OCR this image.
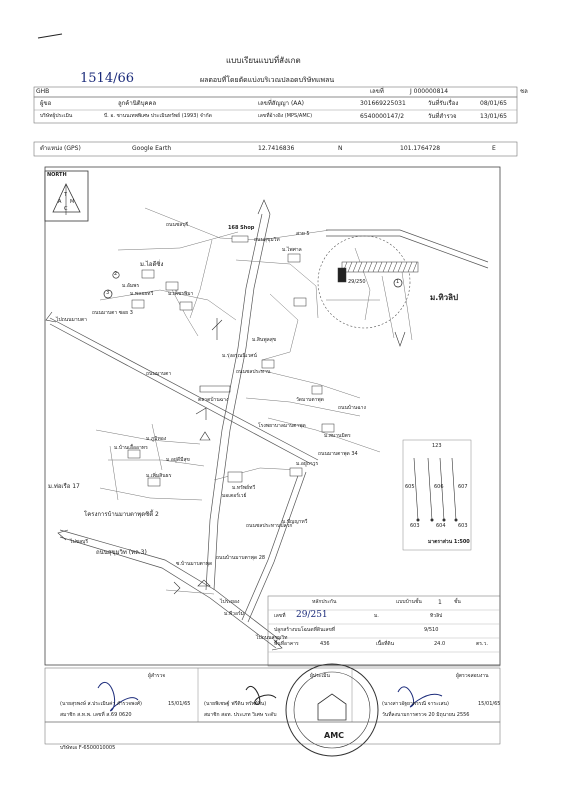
1514/66
แบบเรียนแบบที่สังเกต
ผลตอบที่โดยตัดแบ่งบริเวณปลอดบริษัทแพลน
ชล
GHB	เลขที่	J 000000814
ผู้ขอ	ลูกค้านิติบุคคล	เลขที่สัญญา (AA)	301669225031	วันที่รับเรื่อง	08/01/65
บริษัทผู้ประเมิน	บี. อ. ชานนเทพพิเศษ ประเมินทรัพย์ (1993) จำกัด	เลขที่อ้างอิง (MPS/AMC)	6540000147/2	วันที่สำรวจ	13/01/65
ตำแหน่ง (GPS)	Google Earth	12.7416836	N	101.1764728	E
NORTH
T
A M
C
ถนนชลบุรี	168 Shop
ถนนสุขุมวิท
สาย 5
ม.ไพศาล
ม.ไอดีซิ่ง
ม.อัมพร
ม.พลอยทวี	ม.เพ็ชรพิมา
ถนนมาบตา ซอย 3
ไปถนนมาบตา
ม.สินพูลสุข
ม.รุ่งอรุณนิเวศน์
ถนนมาบตา	ถนนชลประทาน
ตลาดบ้านฉาง	วัดมาบตาพุด
ถนนบ้านฉาง
โรงพยาบาลมาบตาพุด
ม.สมานมิตร
ม.ภูมิทอง
ม.บ้านเอื้ออาทร
ถนนมาบตาพุด 34
ม.อยู่ดีมีสุข
ม.อยู่ถาวร
ม.เพิ่มสินธร
ม.ทรัพย์ทวี
มอเตอร์เวย์
ม.ท่อเรือ 17
โครงการบ้านมาบตาพุดซิตี้ 2
ม.ปัญญาทวี
ไปชลบุรี
ถนนสุขุมวิท (ทล.3)
ซ.บ้านมาบตาพุด
ถนนบ้านมาบตาพุด 28
ถนนชลประทานปลวก
ไประยอง
ไปถนนสุขุมวิท
ม.พีวอร์ม
ม.ทิวลิป
29/250	1
2
3
123
605	606	607
603	604 603
มาตราส่วน 1:500
หลักประกัน	แบบบ้านชั้น	1 ชั้น
เลขที่ 29/251	ม.	ทิวลิป
ปลูกสร้างบนโฉนดที่ดินเลขที่	9/510
พื้นที่อาคาร	436	เนื้อที่ดิน	24.0	ตร.ว.
ผู้สำรวจ
(นายสุรพงษ์ ส.ประเมินค่า สำรวจพงศ์)	15/01/65
สมาชิก ส.ท.พ. เลขที่ ส.69 0620
ผู้ประเมิน
(นายพิเชษฐ์ ฟรีดิน ทรัพย์สิน)
สมาชิก สอท. ประเภท วิเศษ ระดับ
ผู้ตรวจสอบงาน
(นางสาวอัฐยาพรรณี จาระเสน)	15/01/65
วันที่ลงนามการตรวจ 20 มิถุนายน 2556
AMC
บริษัทเอ F-6500010005
